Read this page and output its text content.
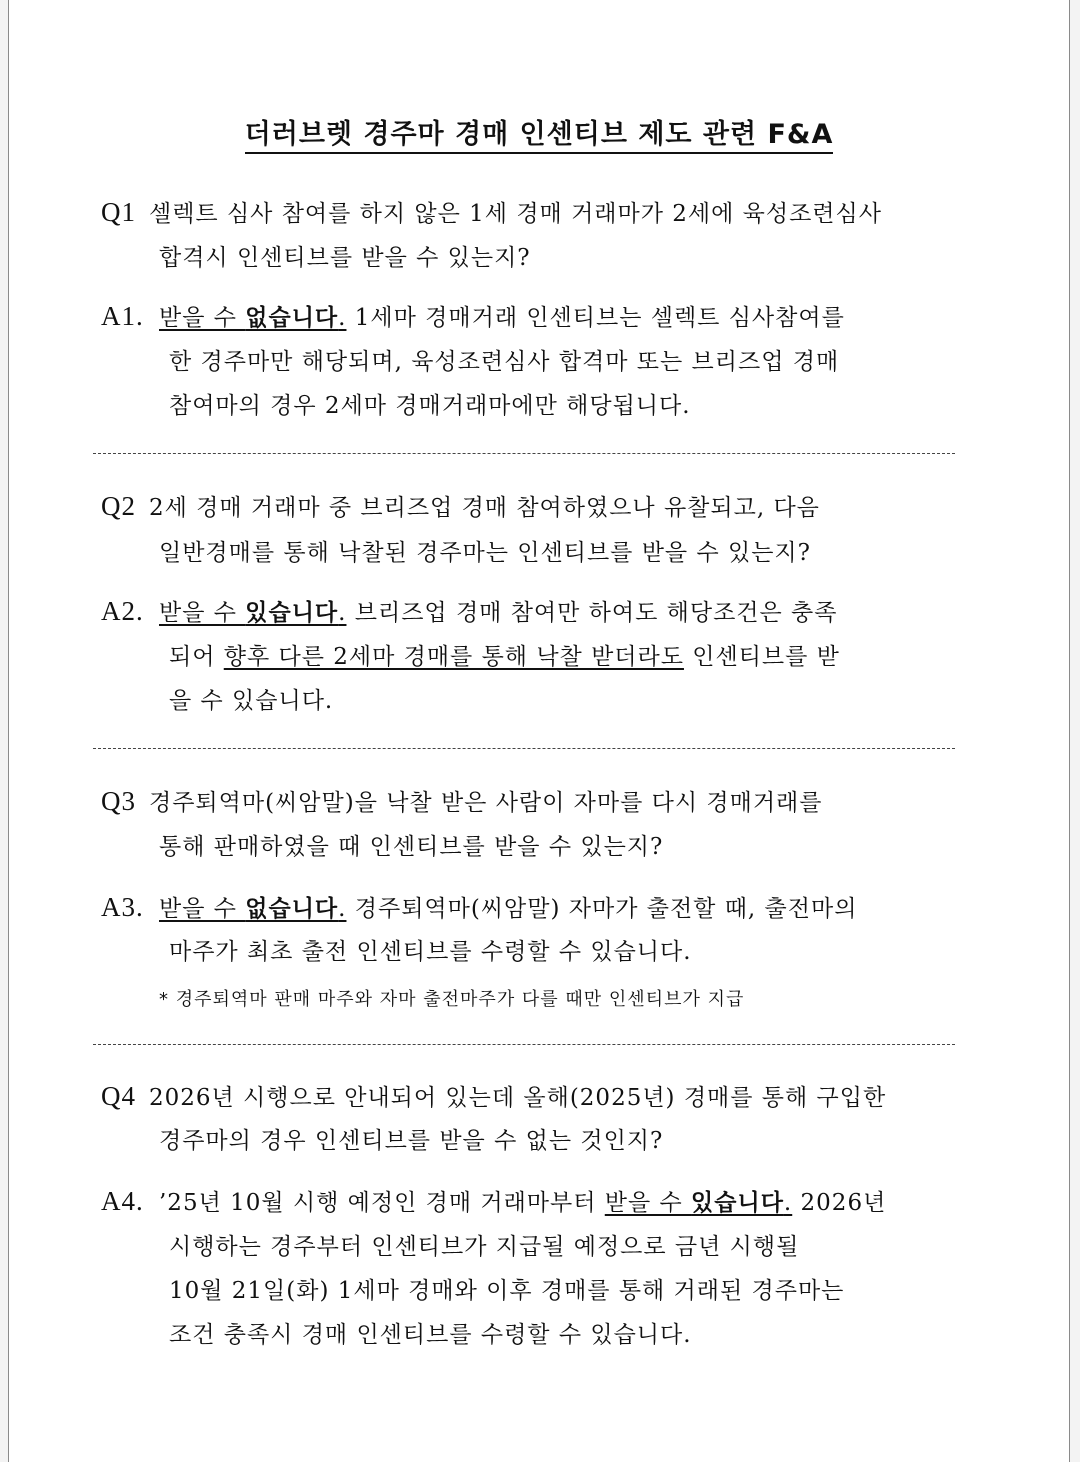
더러브렛 경주마 경매 인센티브 제도 관련 F&A
Q1 셀렉트 심사 참여를 하지 않은 1세 경매 거래마가 2세에 육성조련심사
합격시 인센티브를 받을 수 있는지?
A1. 받을 수 없습니다. 1세마 경매거래 인센티브는 셀렉트 심사참여를
한 경주마만 해당되며, 육성조련심사 합격마 또는 브리즈업 경매
참여마의 경우 2세마 경매거래마에만 해당됩니다.
Q2 2세 경매 거래마 중 브리즈업 경매 참여하였으나 유찰되고, 다음
일반경매를 통해 낙찰된 경주마는 인센티브를 받을 수 있는지?
A2. 받을 수 있습니다. 브리즈업 경매 참여만 하여도 해당조건은 충족
되어 향후 다른 2세마 경매를 통해 낙찰 받더라도 인센티브를 받
을 수 있습니다.
Q3 경주퇴역마(씨암말)을 낙찰 받은 사람이 자마를 다시 경매거래를
통해 판매하였을 때 인센티브를 받을 수 있는지?
A3. 받을 수 없습니다. 경주퇴역마(씨암말) 자마가 출전할 때, 출전마의
마주가 최초 출전 인센티브를 수령할 수 있습니다.
* 경주퇴역마 판매 마주와 자마 출전마주가 다를 때만 인센티브가 지급
Q4 2026년 시행으로 안내되어 있는데 올해(2025년) 경매를 통해 구입한
경주마의 경우 인센티브를 받을 수 없는 것인지?
A4. ’25년 10월 시행 예정인 경매 거래마부터 받을 수 있습니다. 2026년
시행하는 경주부터 인센티브가 지급될 예정으로 금년 시행될
10월 21일(화) 1세마 경매와 이후 경매를 통해 거래된 경주마는
조건 충족시 경매 인센티브를 수령할 수 있습니다.
